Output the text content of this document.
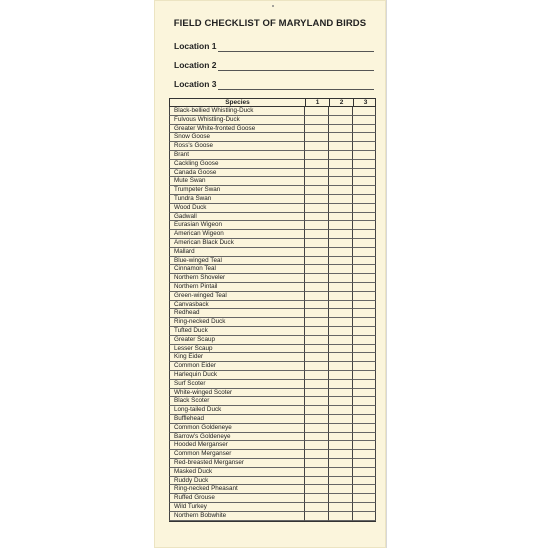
FIELD CHECKLIST OF MARYLAND BIRDS
Location 1
Location 2
Location 3
Species	1	2	3
Black-bellied Whistling-Duck
Fulvous Whistling-Duck
Greater White-fronted Goose
Snow Goose
Ross's Goose
Brant
Cackling Goose
Canada Goose
Mute Swan
Trumpeter Swan
Tundra Swan
Wood Duck
Gadwall
Eurasian Wigeon
American Wigeon
American Black Duck
Mallard
Blue-winged Teal
Cinnamon Teal
Northern Shoveler
Northern Pintail
Green-winged Teal
Canvasback
Redhead
Ring-necked Duck
Tufted Duck
Greater Scaup
Lesser Scaup
King Eider
Common Eider
Harlequin Duck
Surf Scoter
White-winged Scoter
Black Scoter
Long-tailed Duck
Bufflehead
Common Goldeneye
Barrow's Goldeneye
Hooded Merganser
Common Merganser
Red-breasted Merganser
Masked Duck
Ruddy Duck
Ring-necked Pheasant
Ruffed Grouse
Wild Turkey
Northern Bobwhite
